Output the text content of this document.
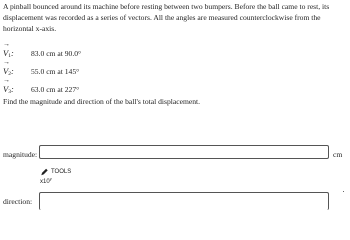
A pinball bounced around its machine before resting between two bumpers. Before the ball came to rest, its displacement was recorded as a series of vectors. All the angles are measured counterclockwise from the horizontal x-axis.
→
V1:	83.0 cm at 90.0°
→
V2:	55.0 cm at 145°
→
V3:	63.0 cm at 227°
Find the magnitude and direction of the ball's total displacement.
magnitude:	cm
TOOLS
x10$^y$
direction:
